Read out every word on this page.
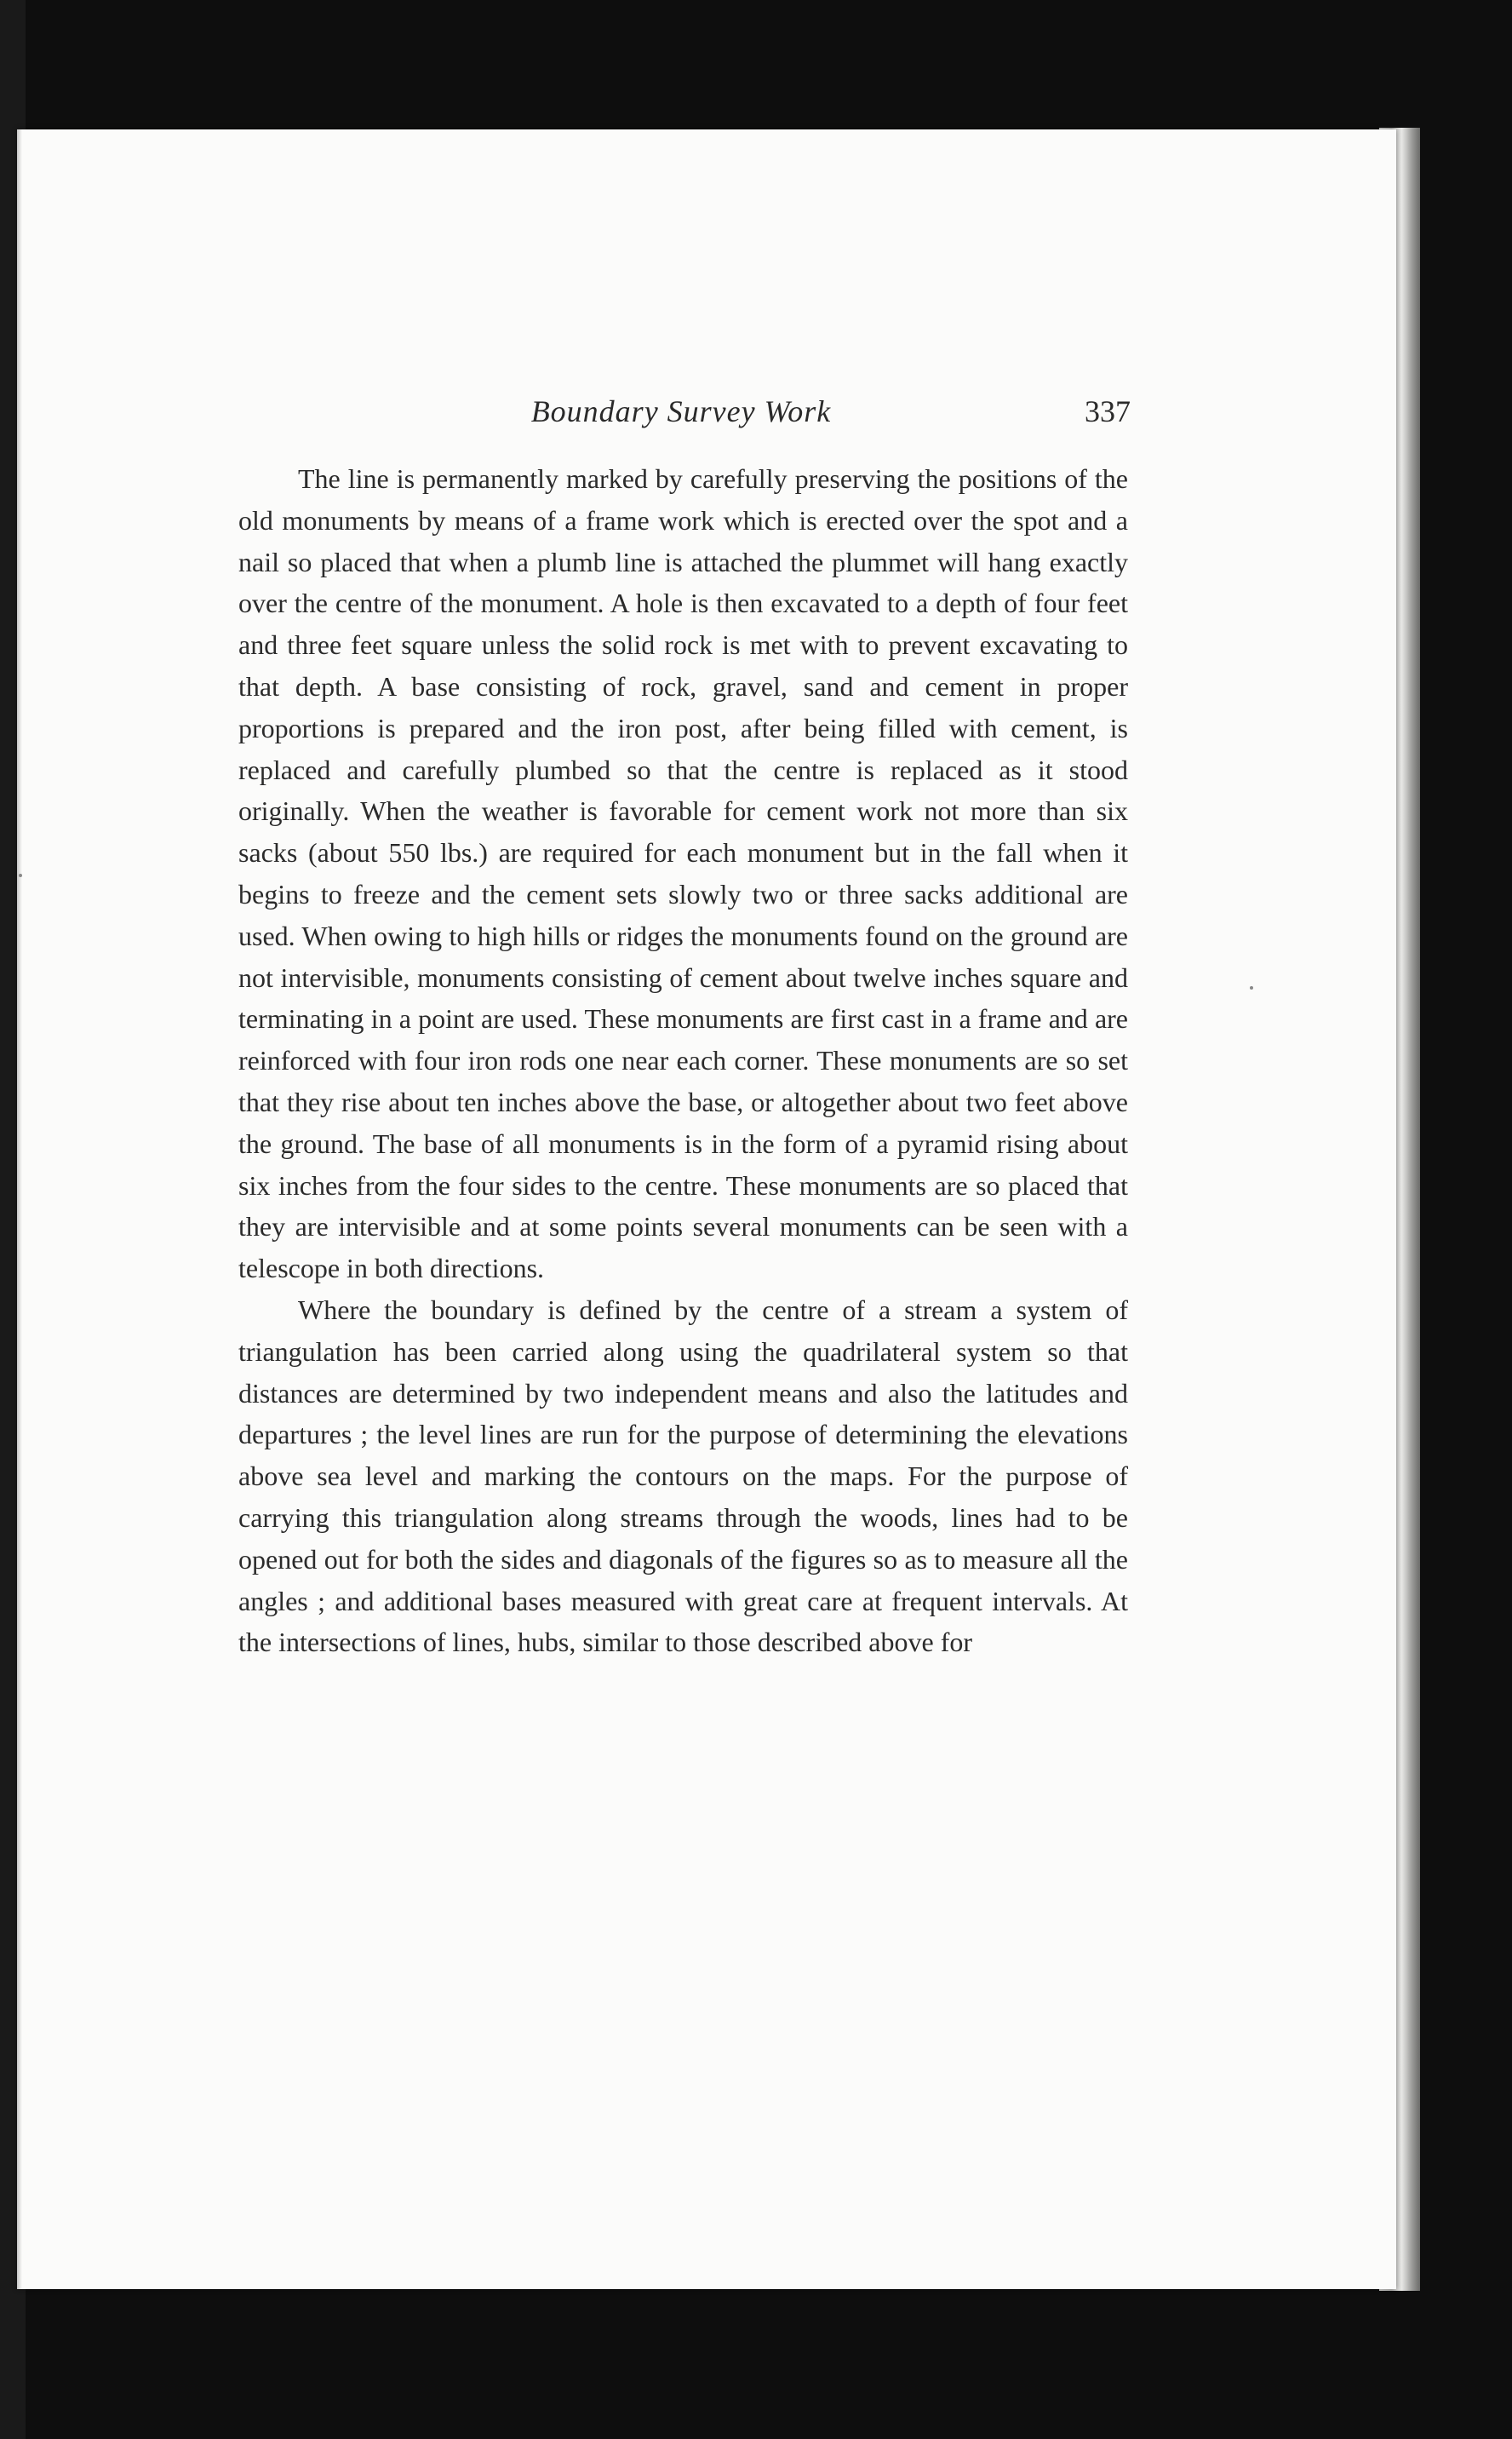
Boundary Survey Work	337

The line is permanently marked by carefully preserving the positions of the old monuments by means of a frame work which is erected over the spot and a nail so placed that when a plumb line is attached the plummet will hang exactly over the centre of the monument. A hole is then excavated to a depth of four feet and three feet square unless the solid rock is met with to prevent excavating to that depth. A base consisting of rock, gravel, sand and cement in proper proportions is prepared and the iron post, after being filled with cement, is replaced and carefully plumbed so that the centre is replaced as it stood originally. When the weather is favorable for cement work not more than six sacks (about 550 lbs.) are required for each monument but in the fall when it begins to freeze and the cement sets slowly two or three sacks additional are used. When owing to high hills or ridges the monuments found on the ground are not intervisible, monuments consisting of cement about twelve inches square and terminating in a point are used. These monuments are first cast in a frame and are reinforced with four iron rods one near each corner. These monuments are so set that they rise about ten inches above the base, or altogether about two feet above the ground. The base of all monuments is in the form of a pyramid rising about six inches from the four sides to the centre. These monuments are so placed that they are intervisible and at some points several monuments can be seen with a telescope in both directions.

Where the boundary is defined by the centre of a stream a system of triangulation has been carried along using the quadrilateral system so that distances are determined by two independent means and also the latitudes and departures ; the level lines are run for the purpose of determining the elevations above sea level and marking the contours on the maps. For the purpose of carrying this triangulation along streams through the woods, lines had to be opened out for both the sides and diagonals of the figures so as to measure all the angles ; and additional bases measured with great care at frequent intervals. At the intersections of lines, hubs, similar to those described above for
